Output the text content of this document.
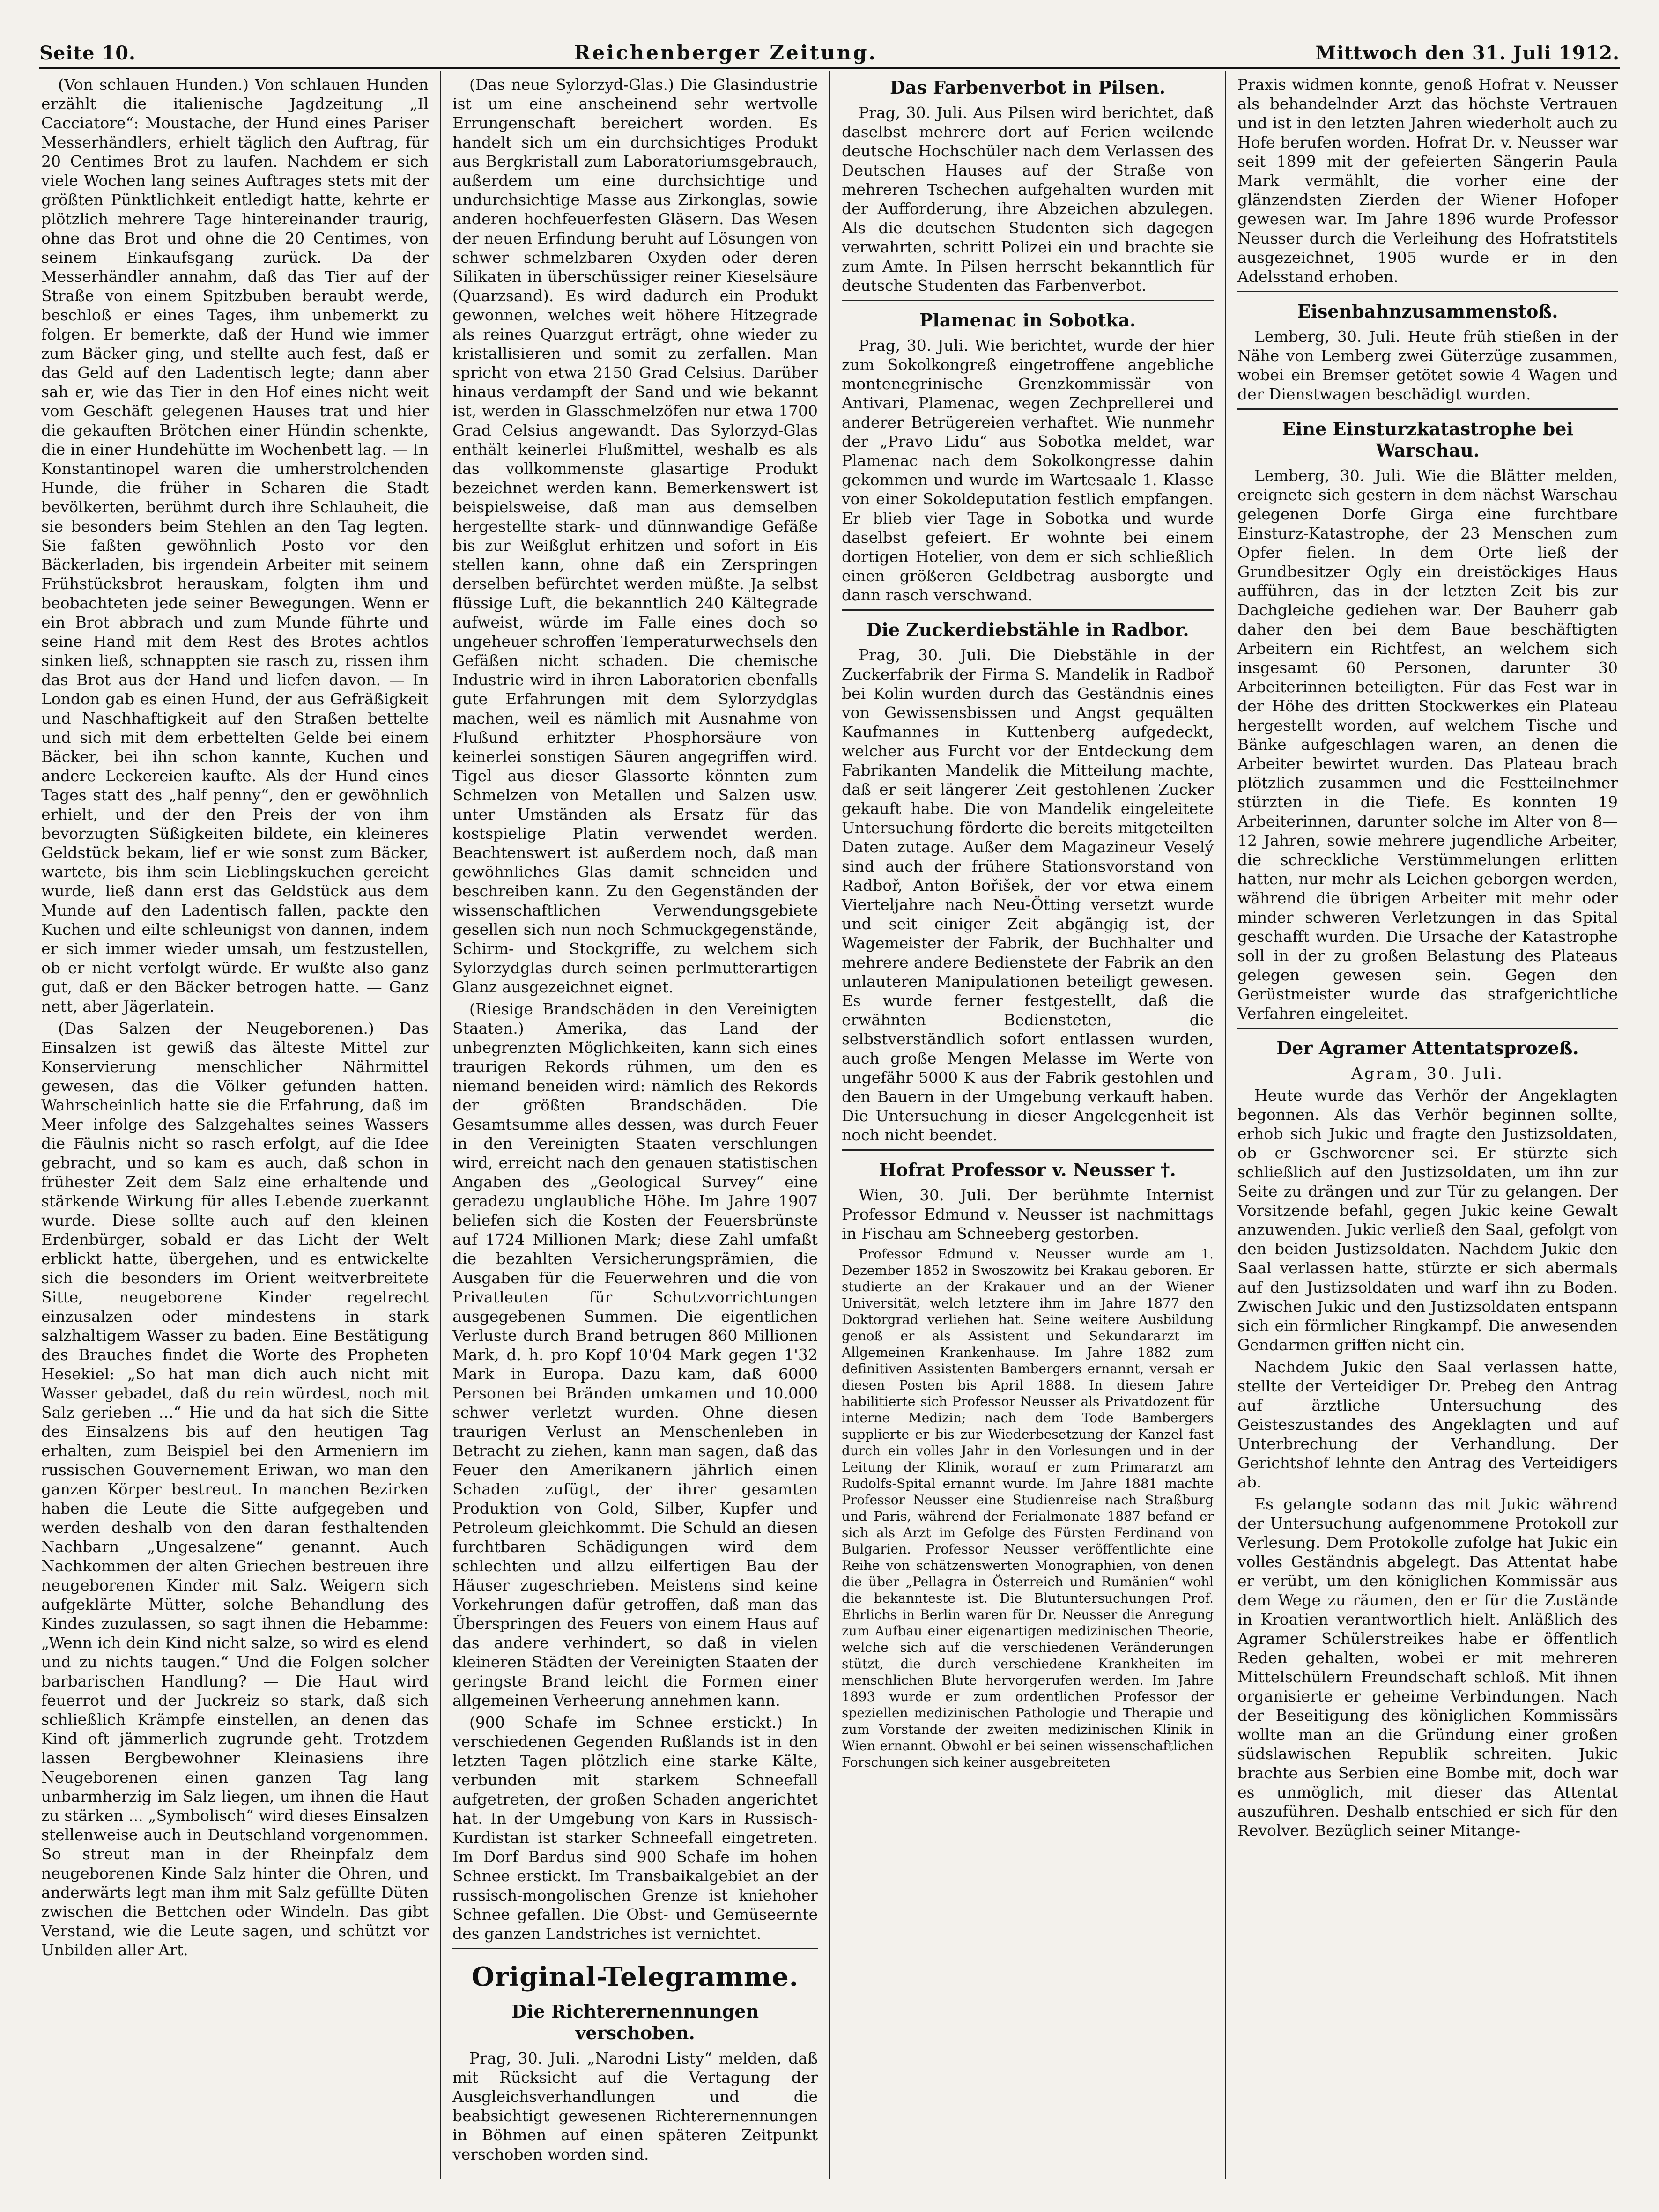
Seite 10.	Reichenberger Zeitung.	Mittwoch den 31. Juli 1912.

(Von schlauen Hunden.) Von schlauen Hunden erzählt die italienische Jagdzeitung „Il Cacciatore“: Moustache, der Hund eines Pariser Messerhändlers, erhielt täglich den Auftrag, für 20 Centimes Brot zu laufen. Nachdem er sich viele Wochen lang seines Auftrages stets mit der größten Pünktlichkeit entledigt hatte, kehrte er plötzlich mehrere Tage hintereinander traurig, ohne das Brot und ohne die 20 Centimes, von seinem Einkaufsgang zurück. Da der Messerhändler annahm, daß das Tier auf der Straße von einem Spitzbuben beraubt werde, beschloß er eines Tages, ihm unbemerkt zu folgen. Er bemerkte, daß der Hund wie immer zum Bäcker ging, und stellte auch fest, daß er das Geld auf den Ladentisch legte; dann aber sah er, wie das Tier in den Hof eines nicht weit vom Geschäft gelegenen Hauses trat und hier die gekauften Brötchen einer Hündin schenkte, die in einer Hundehütte im Wochenbett lag. — In Konstantinopel waren die umherstrolchenden Hunde, die früher in Scharen die Stadt bevölkerten, berühmt durch ihre Schlauheit, die sie besonders beim Stehlen an den Tag legten. Sie faßten gewöhnlich Posto vor den Bäckerladen, bis irgendein Arbeiter mit seinem Frühstücksbrot herauskam, folgten ihm und beobachteten jede seiner Bewegungen. Wenn er ein Brot abbrach und zum Munde führte und seine Hand mit dem Rest des Brotes achtlos sinken ließ, schnappten sie rasch zu, rissen ihm das Brot aus der Hand und liefen davon. — In London gab es einen Hund, der aus Gefräßigkeit und Naschhaftigkeit auf den Straßen bettelte und sich mit dem erbettelten Gelde bei einem Bäcker, bei ihn schon kannte, Kuchen und andere Leckereien kaufte. Als der Hund eines Tages statt des „half penny“, den er gewöhnlich erhielt, und der den Preis der von ihm bevorzugten Süßigkeiten bildete, ein kleineres Geldstück bekam, lief er wie sonst zum Bäcker, wartete, bis ihm sein Lieblingskuchen gereicht wurde, ließ dann erst das Geldstück aus dem Munde auf den Ladentisch fallen, packte den Kuchen und eilte schleunigst von dannen, indem er sich immer wieder umsah, um festzustellen, ob er nicht verfolgt würde. Er wußte also ganz gut, daß er den Bäcker betrogen hatte. — Ganz nett, aber Jägerlatein.

(Das Salzen der Neugeborenen.) Das Einsalzen ist gewiß das älteste Mittel zur Konservierung menschlicher Nährmittel gewesen, das die Völker gefunden hatten. Wahrscheinlich hatte sie die Erfahrung, daß im Meer infolge des Salzgehaltes seines Wassers die Fäulnis nicht so rasch erfolgt, auf die Idee gebracht, und so kam es auch, daß schon in frühester Zeit dem Salz eine erhaltende und stärkende Wirkung für alles Lebende zuerkannt wurde. Diese sollte auch auf den kleinen Erdenbürger, sobald er das Licht der Welt erblickt hatte, übergehen, und es entwickelte sich die besonders im Orient weitverbreitete Sitte, neugeborene Kinder regelrecht einzusalzen oder mindestens in stark salzhaltigem Wasser zu baden. Eine Bestätigung des Brauches findet die Worte des Propheten Hesekiel: „So hat man dich auch nicht mit Wasser gebadet, daß du rein würdest, noch mit Salz gerieben ...“ Hie und da hat sich die Sitte des Einsalzens bis auf den heutigen Tag erhalten, zum Beispiel bei den Armeniern im russischen Gouvernement Eriwan, wo man den ganzen Körper bestreut. In manchen Bezirken haben die Leute die Sitte aufgegeben und werden deshalb von den daran festhaltenden Nachbarn „Ungesalzene“ genannt. Auch Nachkommen der alten Griechen bestreuen ihre neugeborenen Kinder mit Salz. Weigern sich aufgeklärte Mütter, solche Behandlung des Kindes zuzulassen, so sagt ihnen die Hebamme: „Wenn ich dein Kind nicht salze, so wird es elend und zu nichts taugen.“ Und die Folgen solcher barbarischen Handlung? — Die Haut wird feuerrot und der Juckreiz so stark, daß sich schließlich Krämpfe einstellen, an denen das Kind oft jämmerlich zugrunde geht. Trotzdem lassen Bergbewohner Kleinasiens ihre Neugeborenen einen ganzen Tag lang unbarmherzig im Salz liegen, um ihnen die Haut zu stärken ... „Symbolisch“ wird dieses Einsalzen stellenweise auch in Deutschland vorgenommen. So streut man in der Rheinpfalz dem neugeborenen Kinde Salz hinter die Ohren, und anderwärts legt man ihm mit Salz gefüllte Düten zwischen die Bettchen oder Windeln. Das gibt Verstand, wie die Leute sagen, und schützt vor Unbilden aller Art.

(Das neue Sylorzyd-Glas.) Die Glasindustrie ist um eine anscheinend sehr wertvolle Errungenschaft bereichert worden. Es handelt sich um ein durchsichtiges Produkt aus Bergkristall zum Laboratoriumsgebrauch, außerdem um eine durchsichtige und undurchsichtige Masse aus Zirkonglas, sowie anderen hochfeuerfesten Gläsern. Das Wesen der neuen Erfindung beruht auf Lösungen von schwer schmelzbaren Oxyden oder deren Silikaten in überschüssiger reiner Kieselsäure (Quarzsand). Es wird dadurch ein Produkt gewonnen, welches weit höhere Hitzegrade als reines Quarzgut erträgt, ohne wieder zu kristallisieren und somit zu zerfallen. Man spricht von etwa 2150 Grad Celsius. Darüber hinaus verdampft der Sand und wie bekannt ist, werden in Glasschmelzöfen nur etwa 1700 Grad Celsius angewandt. Das Sylorzyd-Glas enthält keinerlei Flußmittel, weshalb es als das vollkommenste glasartige Produkt bezeichnet werden kann. Bemerkenswert ist beispielsweise, daß man aus demselben hergestellte stark- und dünnwandige Gefäße bis zur Weißglut erhitzen und sofort in Eis stellen kann, ohne daß ein Zerspringen derselben befürchtet werden müßte. Ja selbst flüssige Luft, die bekanntlich 240 Kältegrade aufweist, würde im Falle eines doch so ungeheuer schroffen Temperaturwechsels den Gefäßen nicht schaden. Die chemische Industrie wird in ihren Laboratorien ebenfalls gute Erfahrungen mit dem Sylorzydglas machen, weil es nämlich mit Ausnahme von Flußund erhitzter Phosphorsäure von keinerlei sonstigen Säuren angegriffen wird. Tigel aus dieser Glassorte könnten zum Schmelzen von Metallen und Salzen usw. unter Umständen als Ersatz für das kostspielige Platin verwendet werden. Beachtenswert ist außerdem noch, daß man gewöhnliches Glas damit schneiden und beschreiben kann. Zu den Gegenständen der wissenschaftlichen Verwendungsgebiete gesellen sich nun noch Schmuckgegenstände, Schirm- und Stockgriffe, zu welchem sich Sylorzydglas durch seinen perlmutterartigen Glanz ausgezeichnet eignet.

(Riesige Brandschäden in den Vereinigten Staaten.) Amerika, das Land der unbegrenzten Möglichkeiten, kann sich eines traurigen Rekords rühmen, um den es niemand beneiden wird: nämlich des Rekords der größten Brandschäden. Die Gesamtsumme alles dessen, was durch Feuer in den Vereinigten Staaten verschlungen wird, erreicht nach den genauen statistischen Angaben des „Geological Survey“ eine geradezu unglaubliche Höhe. Im Jahre 1907 beliefen sich die Kosten der Feuersbrünste auf 1724 Millionen Mark; diese Zahl umfaßt die bezahlten Versicherungsprämien, die Ausgaben für die Feuerwehren und die von Privatleuten für Schutzvorrichtungen ausgegebenen Summen. Die eigentlichen Verluste durch Brand betrugen 860 Millionen Mark, d. h. pro Kopf 10'04 Mark gegen 1'32 Mark in Europa. Dazu kam, daß 6000 Personen bei Bränden umkamen und 10.000 schwer verletzt wurden. Ohne diesen traurigen Verlust an Menschenleben in Betracht zu ziehen, kann man sagen, daß das Feuer den Amerikanern jährlich einen Schaden zufügt, der ihrer gesamten Produktion von Gold, Silber, Kupfer und Petroleum gleichkommt. Die Schuld an diesen furchtbaren Schädigungen wird dem schlechten und allzu eilfertigen Bau der Häuser zugeschrieben. Meistens sind keine Vorkehrungen dafür getroffen, daß man das Überspringen des Feuers von einem Haus auf das andere verhindert, so daß in vielen kleineren Städten der Vereinigten Staaten der geringste Brand leicht die Formen einer allgemeinen Verheerung annehmen kann.

(900 Schafe im Schnee erstickt.) In verschiedenen Gegenden Rußlands ist in den letzten Tagen plötzlich eine starke Kälte, verbunden mit starkem Schneefall aufgetreten, der großen Schaden angerichtet hat. In der Umgebung von Kars in Russisch-Kurdistan ist starker Schneefall eingetreten. Im Dorf Bardus sind 900 Schafe im hohen Schnee erstickt. Im Transbaikalgebiet an der russisch-mongolischen Grenze ist kniehoher Schnee gefallen. Die Obst- und Gemüseernte des ganzen Landstriches ist vernichtet.

Original-Telegramme.
Die Richterernennungen verschoben.

Prag, 30. Juli. „Narodni Listy“ melden, daß mit Rücksicht auf die Vertagung der Ausgleichsverhandlungen und die beabsichtigt gewesenen Richterernennungen in Böhmen auf einen späteren Zeitpunkt verschoben worden sind.

Das Farbenverbot in Pilsen.

Prag, 30. Juli. Aus Pilsen wird berichtet, daß daselbst mehrere dort auf Ferien weilende deutsche Hochschüler nach dem Verlassen des Deutschen Hauses auf der Straße von mehreren Tschechen aufgehalten wurden mit der Aufforderung, ihre Abzeichen abzulegen. Als die deutschen Studenten sich dagegen verwahrten, schritt Polizei ein und brachte sie zum Amte. In Pilsen herrscht bekanntlich für deutsche Studenten das Farbenverbot.

Plamenac in Sobotka.

Prag, 30. Juli. Wie berichtet, wurde der hier zum Sokolkongreß eingetroffene angebliche montenegrinische Grenzkommissär von Antivari, Plamenac, wegen Zechprellerei und anderer Betrügereien verhaftet. Wie nunmehr der „Pravo Lidu“ aus Sobotka meldet, war Plamenac nach dem Sokolkongresse dahin gekommen und wurde im Wartesaale 1. Klasse von einer Sokoldeputation festlich empfangen. Er blieb vier Tage in Sobotka und wurde daselbst gefeiert. Er wohnte bei einem dortigen Hotelier, von dem er sich schließlich einen größeren Geldbetrag ausborgte und dann rasch verschwand.

Die Zuckerdiebstähle in Radbor.

Prag, 30. Juli. Die Diebstähle in der Zuckerfabrik der Firma S. Mandelik in Radboř bei Kolin wurden durch das Geständnis eines von Gewissensbissen und Angst gequälten Kaufmannes in Kuttenberg aufgedeckt, welcher aus Furcht vor der Entdeckung dem Fabrikanten Mandelik die Mitteilung machte, daß er seit längerer Zeit gestohlenen Zucker gekauft habe. Die von Mandelik eingeleitete Untersuchung förderte die bereits mitgeteilten Daten zutage. Außer dem Magazineur Veselý sind auch der frühere Stationsvorstand von Radboř, Anton Bořišek, der vor etwa einem Vierteljahre nach Neu-Ötting versetzt wurde und seit einiger Zeit abgängig ist, der Wagemeister der Fabrik, der Buchhalter und mehrere andere Bedienstete der Fabrik an den unlauteren Manipulationen beteiligt gewesen. Es wurde ferner festgestellt, daß die erwähnten Bediensteten, die selbstverständlich sofort entlassen wurden, auch große Mengen Melasse im Werte von ungefähr 5000 K aus der Fabrik gestohlen und den Bauern in der Umgebung verkauft haben. Die Untersuchung in dieser Angelegenheit ist noch nicht beendet.

Hofrat Professor v. Neusser †.

Wien, 30. Juli. Der berühmte Internist Professor Edmund v. Neusser ist nachmittags in Fischau am Schneeberg gestorben.

Professor Edmund v. Neusser wurde am 1. Dezember 1852 in Swoszowitz bei Krakau geboren. Er studierte an der Krakauer und an der Wiener Universität, welch letztere ihm im Jahre 1877 den Doktorgrad verliehen hat. Seine weitere Ausbildung genoß er als Assistent und Sekundararzt im Allgemeinen Krankenhause. Im Jahre 1882 zum definitiven Assistenten Bambergers ernannt, versah er diesen Posten bis April 1888. In diesem Jahre habilitierte sich Professor Neusser als Privatdozent für interne Medizin; nach dem Tode Bambergers supplierte er bis zur Wiederbesetzung der Kanzel fast durch ein volles Jahr in den Vorlesungen und in der Leitung der Klinik, worauf er zum Primararzt am Rudolfs-Spital ernannt wurde. Im Jahre 1881 machte Professor Neusser eine Studienreise nach Straßburg und Paris, während der Ferialmonate 1887 befand er sich als Arzt im Gefolge des Fürsten Ferdinand von Bulgarien. Professor Neusser veröffentlichte eine Reihe von schätzenswerten Monographien, von denen die über „Pellagra in Österreich und Rumänien“ wohl die bekannteste ist. Die Blutuntersuchungen Prof. Ehrlichs in Berlin waren für Dr. Neusser die Anregung zum Aufbau einer eigenartigen medizinischen Theorie, welche sich auf die verschiedenen Veränderungen stützt, die durch verschiedene Krankheiten im menschlichen Blute hervorgerufen werden. Im Jahre 1893 wurde er zum ordentlichen Professor der speziellen medizinischen Pathologie und Therapie und zum Vorstande der zweiten medizinischen Klinik in Wien ernannt. Obwohl er bei seinen wissenschaftlichen Forschungen sich keiner ausgebreiteten

Praxis widmen konnte, genoß Hofrat v. Neusser als behandelnder Arzt das höchste Vertrauen und ist in den letzten Jahren wiederholt auch zu Hofe berufen worden. Hofrat Dr. v. Neusser war seit 1899 mit der gefeierten Sängerin Paula Mark vermählt, die vorher eine der glänzendsten Zierden der Wiener Hofoper gewesen war. Im Jahre 1896 wurde Professor Neusser durch die Verleihung des Hofratstitels ausgezeichnet, 1905 wurde er in den Adelsstand erhoben.

Eisenbahnzusammenstoß.

Lemberg, 30. Juli. Heute früh stießen in der Nähe von Lemberg zwei Güterzüge zusammen, wobei ein Bremser getötet sowie 4 Wagen und der Dienstwagen beschädigt wurden.

Eine Einsturzkatastrophe bei Warschau.

Lemberg, 30. Juli. Wie die Blätter melden, ereignete sich gestern in dem nächst Warschau gelegenen Dorfe Girga eine furchtbare Einsturz-Katastrophe, der 23 Menschen zum Opfer fielen. In dem Orte ließ der Grundbesitzer Ogly ein dreistöckiges Haus aufführen, das in der letzten Zeit bis zur Dachgleiche gediehen war. Der Bauherr gab daher den bei dem Baue beschäftigten Arbeitern ein Richtfest, an welchem sich insgesamt 60 Personen, darunter 30 Arbeiterinnen beteiligten. Für das Fest war in der Höhe des dritten Stockwerkes ein Plateau hergestellt worden, auf welchem Tische und Bänke aufgeschlagen waren, an denen die Arbeiter bewirtet wurden. Das Plateau brach plötzlich zusammen und die Festteilnehmer stürzten in die Tiefe. Es konnten 19 Arbeiterinnen, darunter solche im Alter von 8—12 Jahren, sowie mehrere jugendliche Arbeiter, die schreckliche Verstümmelungen erlitten hatten, nur mehr als Leichen geborgen werden, während die übrigen Arbeiter mit mehr oder minder schweren Verletzungen in das Spital geschafft wurden. Die Ursache der Katastrophe soll in der zu großen Belastung des Plateaus gelegen gewesen sein. Gegen den Gerüstmeister wurde das strafgerichtliche Verfahren eingeleitet.

Der Agramer Attentatsprozeß.

Agram, 30. Juli.

Heute wurde das Verhör der Angeklagten begonnen. Als das Verhör beginnen sollte, erhob sich Jukic und fragte den Justizsoldaten, ob er Gschworener sei. Er stürzte sich schließlich auf den Justizsoldaten, um ihn zur Seite zu drängen und zur Tür zu gelangen. Der Vorsitzende befahl, gegen Jukic keine Gewalt anzuwenden. Jukic verließ den Saal, gefolgt von den beiden Justizsoldaten. Nachdem Jukic den Saal verlassen hatte, stürzte er sich abermals auf den Justizsoldaten und warf ihn zu Boden. Zwischen Jukic und den Justizsoldaten entspann sich ein förmlicher Ringkampf. Die anwesenden Gendarmen griffen nicht ein.

Nachdem Jukic den Saal verlassen hatte, stellte der Verteidiger Dr. Prebeg den Antrag auf ärztliche Untersuchung des Geisteszustandes des Angeklagten und auf Unterbrechung der Verhandlung. Der Gerichtshof lehnte den Antrag des Verteidigers ab.

Es gelangte sodann das mit Jukic während der Untersuchung aufgenommene Protokoll zur Verlesung. Dem Protokolle zufolge hat Jukic ein volles Geständnis abgelegt. Das Attentat habe er verübt, um den königlichen Kommissär aus dem Wege zu räumen, den er für die Zustände in Kroatien verantwortlich hielt. Anläßlich des Agramer Schülerstreikes habe er öffentlich Reden gehalten, wobei er mit mehreren Mittelschülern Freundschaft schloß. Mit ihnen organisierte er geheime Verbindungen. Nach der Beseitigung des königlichen Kommissärs wollte man an die Gründung einer großen südslawischen Republik schreiten. Jukic brachte aus Serbien eine Bombe mit, doch war es unmöglich, mit dieser das Attentat auszuführen. Deshalb entschied er sich für den Revolver. Bezüglich seiner Mitange-
